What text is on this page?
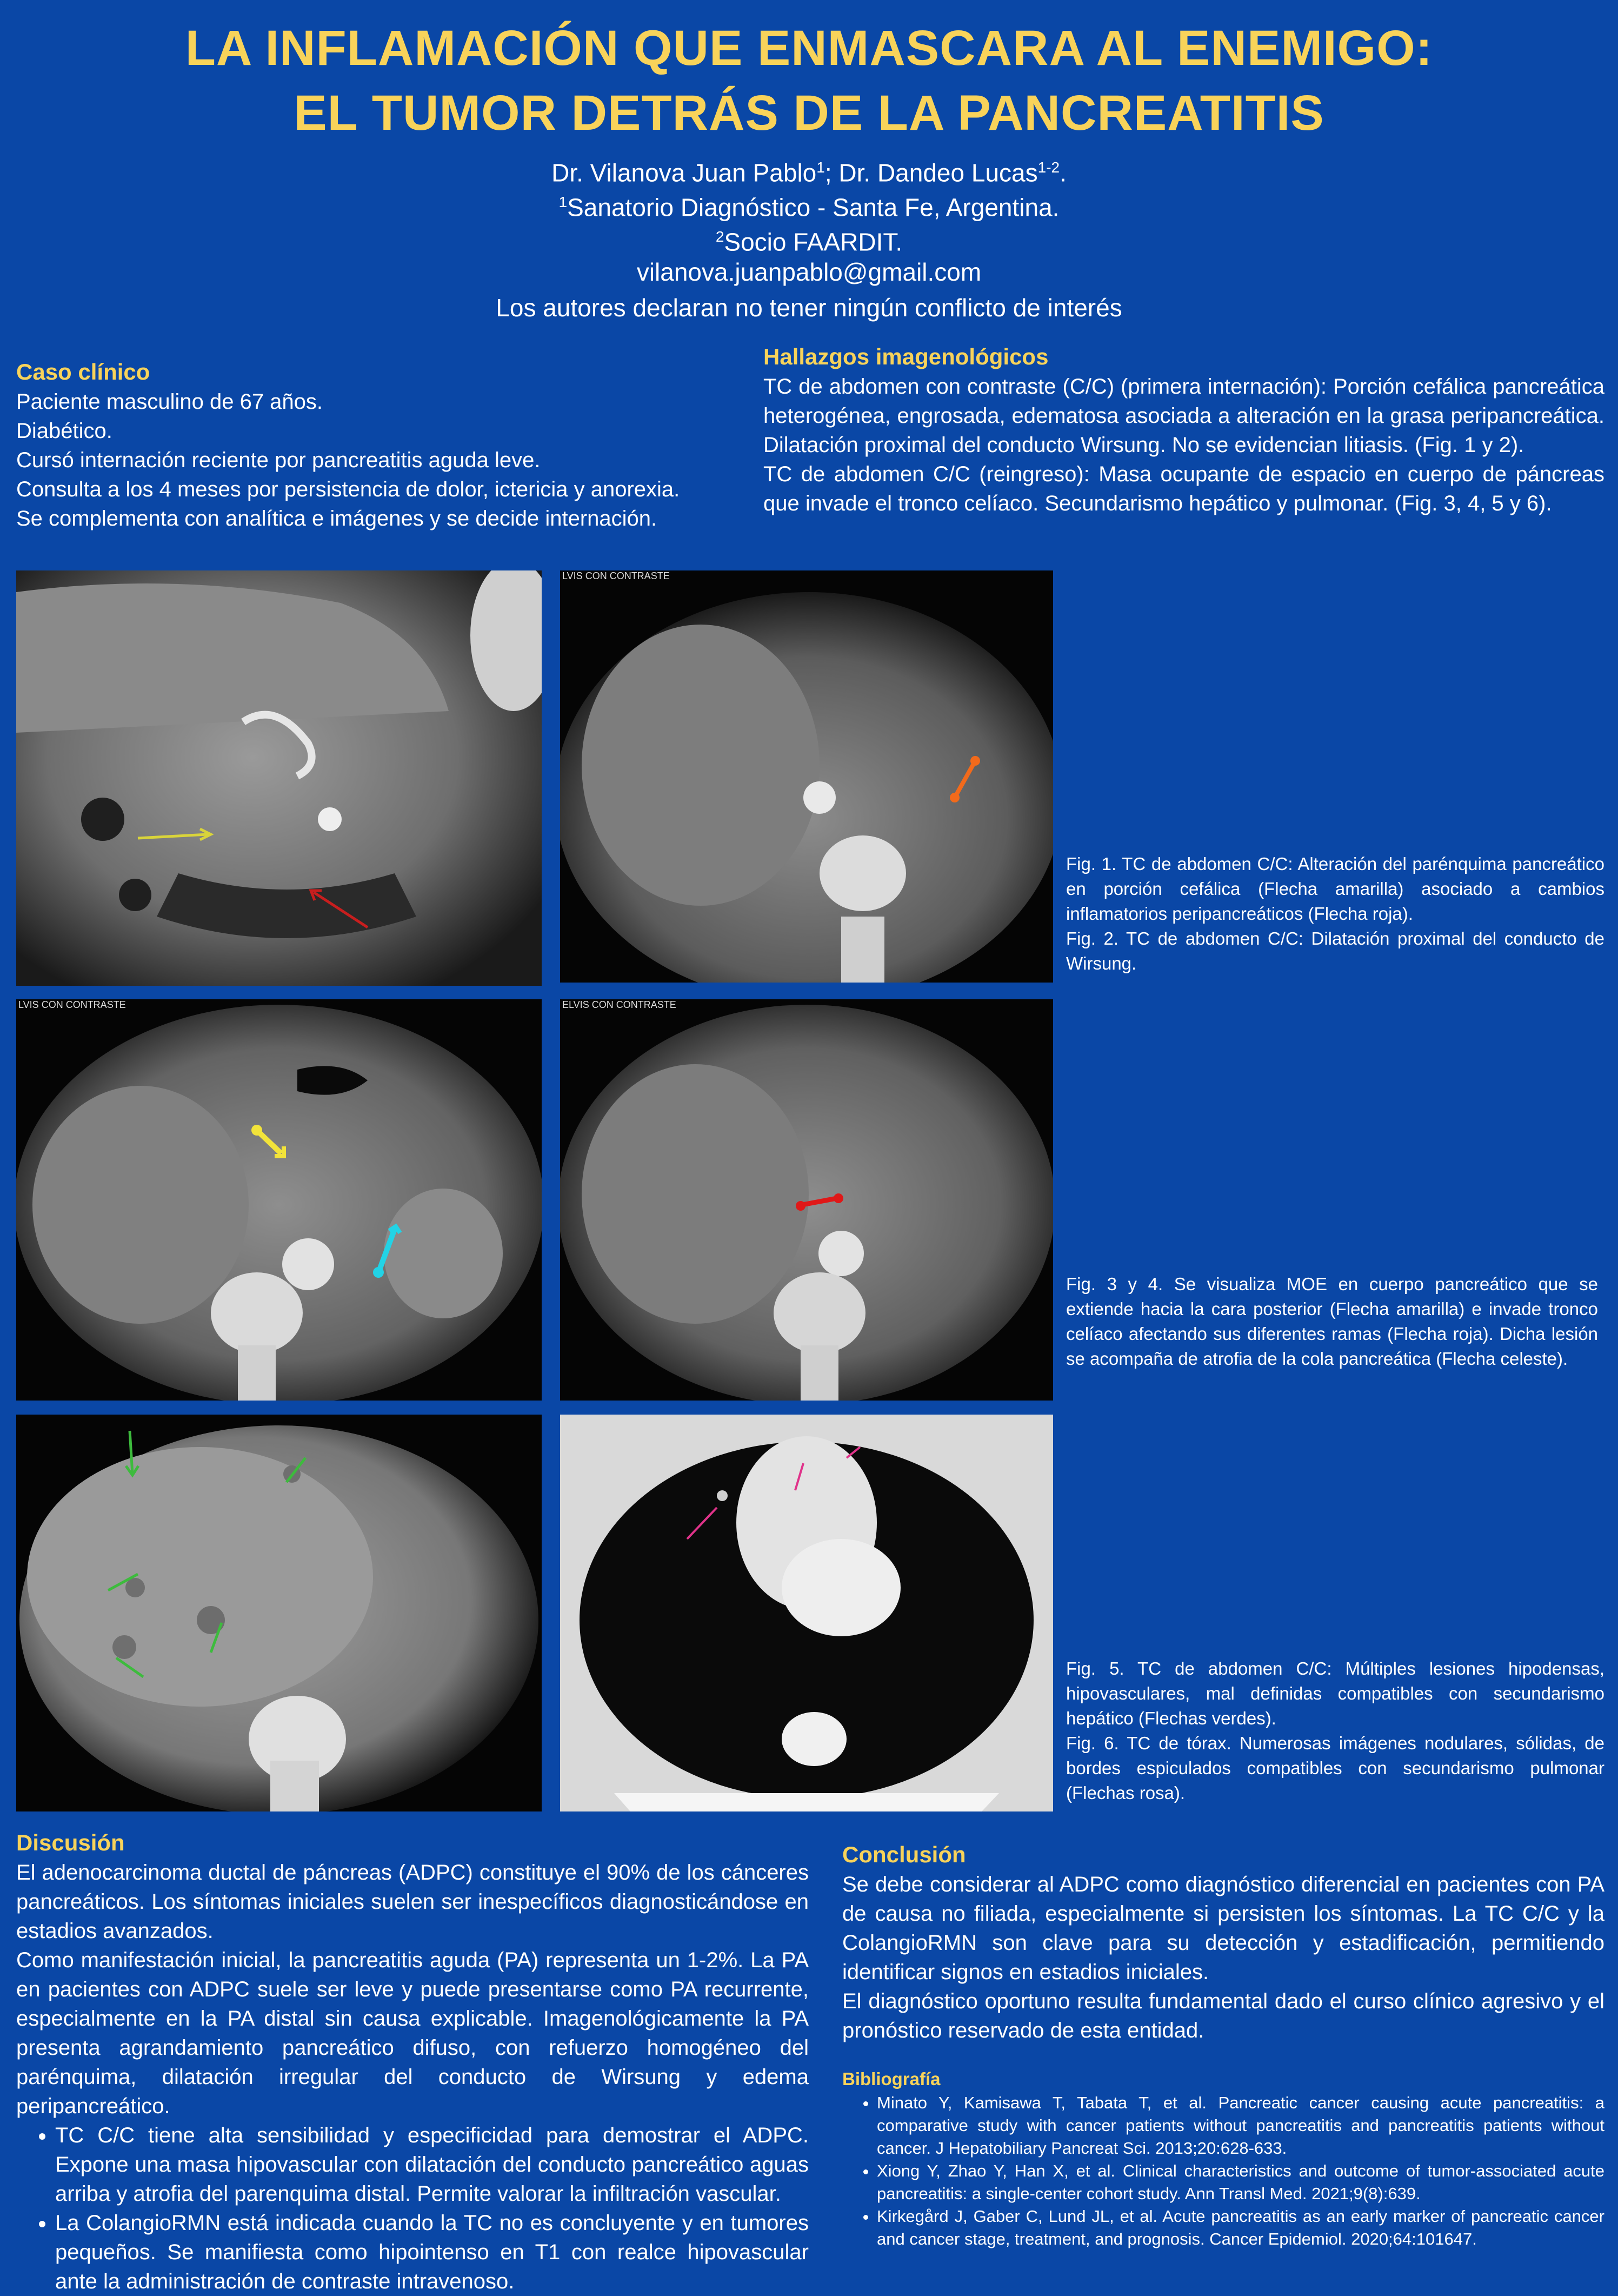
LA INFLAMACIÓN QUE ENMASCARA AL ENEMIGO:
EL TUMOR DETRÁS DE LA PANCREATITIS
Dr. Vilanova Juan Pablo$^1$; Dr. Dandeo Lucas$^{1-2}$.
$^1$Sanatorio Diagnóstico - Santa Fe, Argentina.
$^2$Socio FAARDIT.
vilanova.juanpablo@gmail.com
Los autores declaran no tener ningún conflicto de interés
Caso clínico
Paciente masculino de 67 años.
Diabético.
Cursó internación reciente por pancreatitis aguda leve.
Consulta a los 4 meses por persistencia de dolor, ictericia y anorexia.
Se complementa con analítica e imágenes y se decide internación.
Hallazgos imagenológicos
TC de abdomen con contraste (C/C) (primera internación): Porción cefálica pancreática heterogénea, engrosada, edematosa asociada a alteración en la grasa peripancreática. Dilatación proximal del conducto Wirsung. No se evidencian litiasis. (Fig. 1 y 2).
TC de abdomen C/C (reingreso): Masa ocupante de espacio en cuerpo de páncreas que invade el tronco celíaco. Secundarismo hepático y pulmonar. (Fig. 3, 4, 5 y 6).
LVIS CON CONTRASTE
Fig. 1. TC de abdomen C/C: Alteración del parénquima pancreático en porción cefálica (Flecha amarilla) asociado a cambios inflamatorios peripancreáticos (Flecha roja).
Fig. 2. TC de abdomen C/C: Dilatación proximal del conducto de Wirsung.
LVIS CON CONTRASTE	ELVIS CON CONTRASTE
Fig. 3 y 4. Se visualiza MOE en cuerpo pancreático que se extiende hacia la cara posterior (Flecha amarilla) e invade tronco celíaco afectando sus diferentes ramas (Flecha roja). Dicha lesión se acompaña de atrofia de la cola pancreática (Flecha celeste).
Fig. 5. TC de abdomen C/C: Múltiples lesiones hipodensas, hipovasculares, mal definidas compatibles con secundarismo hepático (Flechas verdes).
Fig. 6. TC de tórax. Numerosas imágenes nodulares, sólidas, de bordes espiculados compatibles con secundarismo pulmonar (Flechas rosa).
Discusión
El adenocarcinoma ductal de páncreas (ADPC) constituye el 90% de los cánceres pancreáticos. Los síntomas iniciales suelen ser inespecíficos diagnosticándose en estadios avanzados.
Como manifestación inicial, la pancreatitis aguda (PA) representa un 1-2%. La PA en pacientes con ADPC suele ser leve y puede presentarse como PA recurrente, especialmente en la PA distal sin causa explicable. Imagenológicamente la PA presenta agrandamiento pancreático difuso, con refuerzo homogéneo del parénquima, dilatación irregular del conducto de Wirsung y edema peripancreático.
• TC C/C tiene alta sensibilidad y especificidad para demostrar el ADPC. Expone una masa hipovascular con dilatación del conducto pancreático aguas arriba y atrofia del parenquima distal. Permite valorar la infiltración vascular.
• La ColangioRMN está indicada cuando la TC no es concluyente y en tumores pequeños. Se manifiesta como hipointenso en T1 con realce hipovascular ante la administración de contraste intravenoso.
Conclusión
Se debe considerar al ADPC como diagnóstico diferencial en pacientes con PA de causa no filiada, especialmente si persisten los síntomas. La TC C/C y la ColangioRMN son clave para su detección y estadificación, permitiendo identificar signos en estadios iniciales.
El diagnóstico oportuno resulta fundamental dado el curso clínico agresivo y el pronóstico reservado de esta entidad.
Bibliografía
• Minato Y, Kamisawa T, Tabata T, et al. Pancreatic cancer causing acute pancreatitis: a comparative study with cancer patients without pancreatitis and pancreatitis patients without cancer. J Hepatobiliary Pancreat Sci. 2013;20:628-633.
• Xiong Y, Zhao Y, Han X, et al. Clinical characteristics and outcome of tumor-associated acute pancreatitis: a single-center cohort study. Ann Transl Med. 2021;9(8):639.
• Kirkegård J, Gaber C, Lund JL, et al. Acute pancreatitis as an early marker of pancreatic cancer and cancer stage, treatment, and prognosis. Cancer Epidemiol. 2020;64:101647.
